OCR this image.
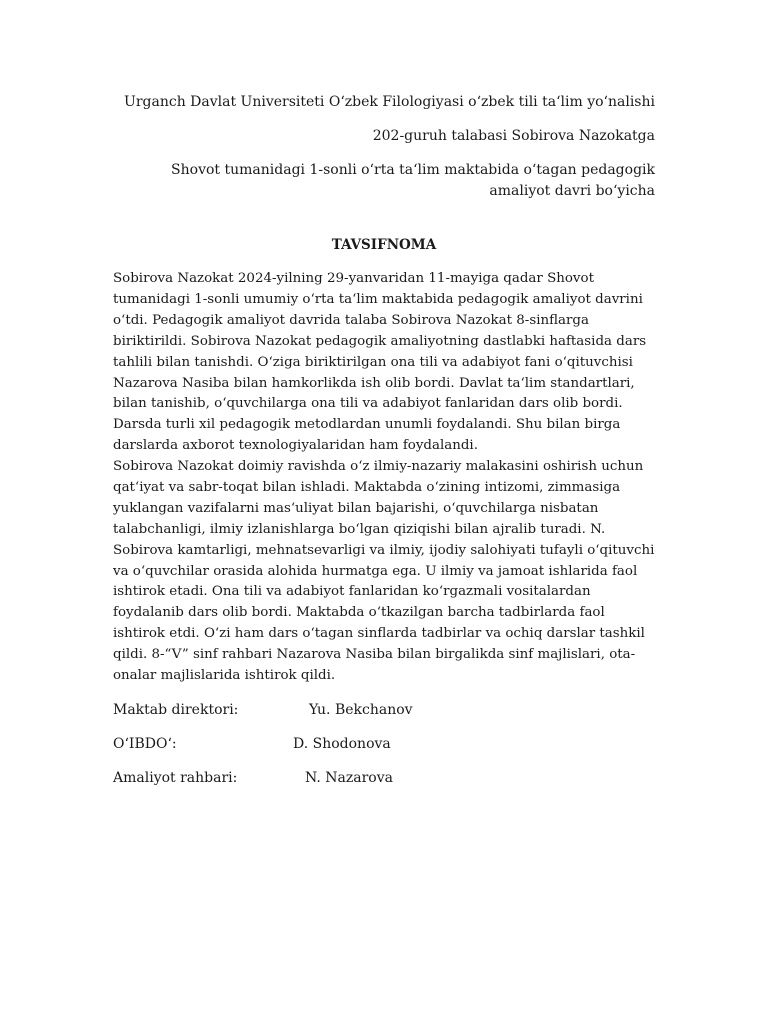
Urganch Davlat Universiteti O‘zbek Filologiyasi o‘zbek tili ta‘lim yo‘nalishi
202-guruh talabasi Sobirova Nazokatga
Shovot tumanidagi 1-sonli o‘rta ta‘lim maktabida o‘tagan pedagogik amaliyot davri bo‘yicha
TAVSIFNOMA
Sobirova Nazokat 2024-yilning 29-yanvaridan 11-mayiga qadar Shovot tumanidagi 1-sonli umumiy o‘rta ta‘lim maktabida pedagogik amaliyot davrini o‘tdi. Pedagogik amaliyot davrida talaba Sobirova Nazokat 8-sinflarga biriktirildi. Sobirova Nazokat pedagogik amaliyotning dastlabki haftasida dars tahlili bilan tanishdi. O‘ziga biriktirilgan ona tili va adabiyot fani o‘qituvchisi Nazarova Nasiba bilan hamkorlikda ish olib bordi. Davlat ta‘lim standartlari, bilan tanishib, o‘quvchilarga ona tili va adabiyot fanlaridan dars olib bordi. Darsda turli xil pedagogik metodlardan unumli foydalandi. Shu bilan birga darslarda axborot texnologiyalaridan ham foydalandi.
Sobirova Nazokat doimiy ravishda o‘z ilmiy-nazariy malakasini oshirish uchun qat‘iyat va sabr-toqat bilan ishladi. Maktabda o‘zining intizomi, zimmasiga yuklangan vazifalarni mas‘uliyat bilan bajarishi, o‘quvchilarga nisbatan talabchanligi, ilmiy izlanishlarga bo‘lgan qiziqishi bilan ajralib turadi. N. Sobirova kamtarligi, mehnatsevarligi va ilmiy, ijodiy salohiyati tufayli o‘qituvchi va o‘quvchilar orasida alohida hurmatga ega. U ilmiy va jamoat ishlarida faol ishtirok etadi. Ona tili va adabiyot fanlaridan ko‘rgazmali vositalardan foydalanib dars olib bordi. Maktabda o‘tkazilgan barcha tadbirlarda faol ishtirok etdi. O‘zi ham dars o‘tagan sinflarda tadbirlar va ochiq darslar tashkil qildi. 8-“V” sinf rahbari Nazarova Nasiba bilan birgalikda sinf majlislari, ota-onalar majlislarida ishtirok qildi.
Maktab direktori:	Yu. Bekchanov
O‘IBDO‘:	D. Shodonova
Amaliyot rahbari:	N. Nazarova
